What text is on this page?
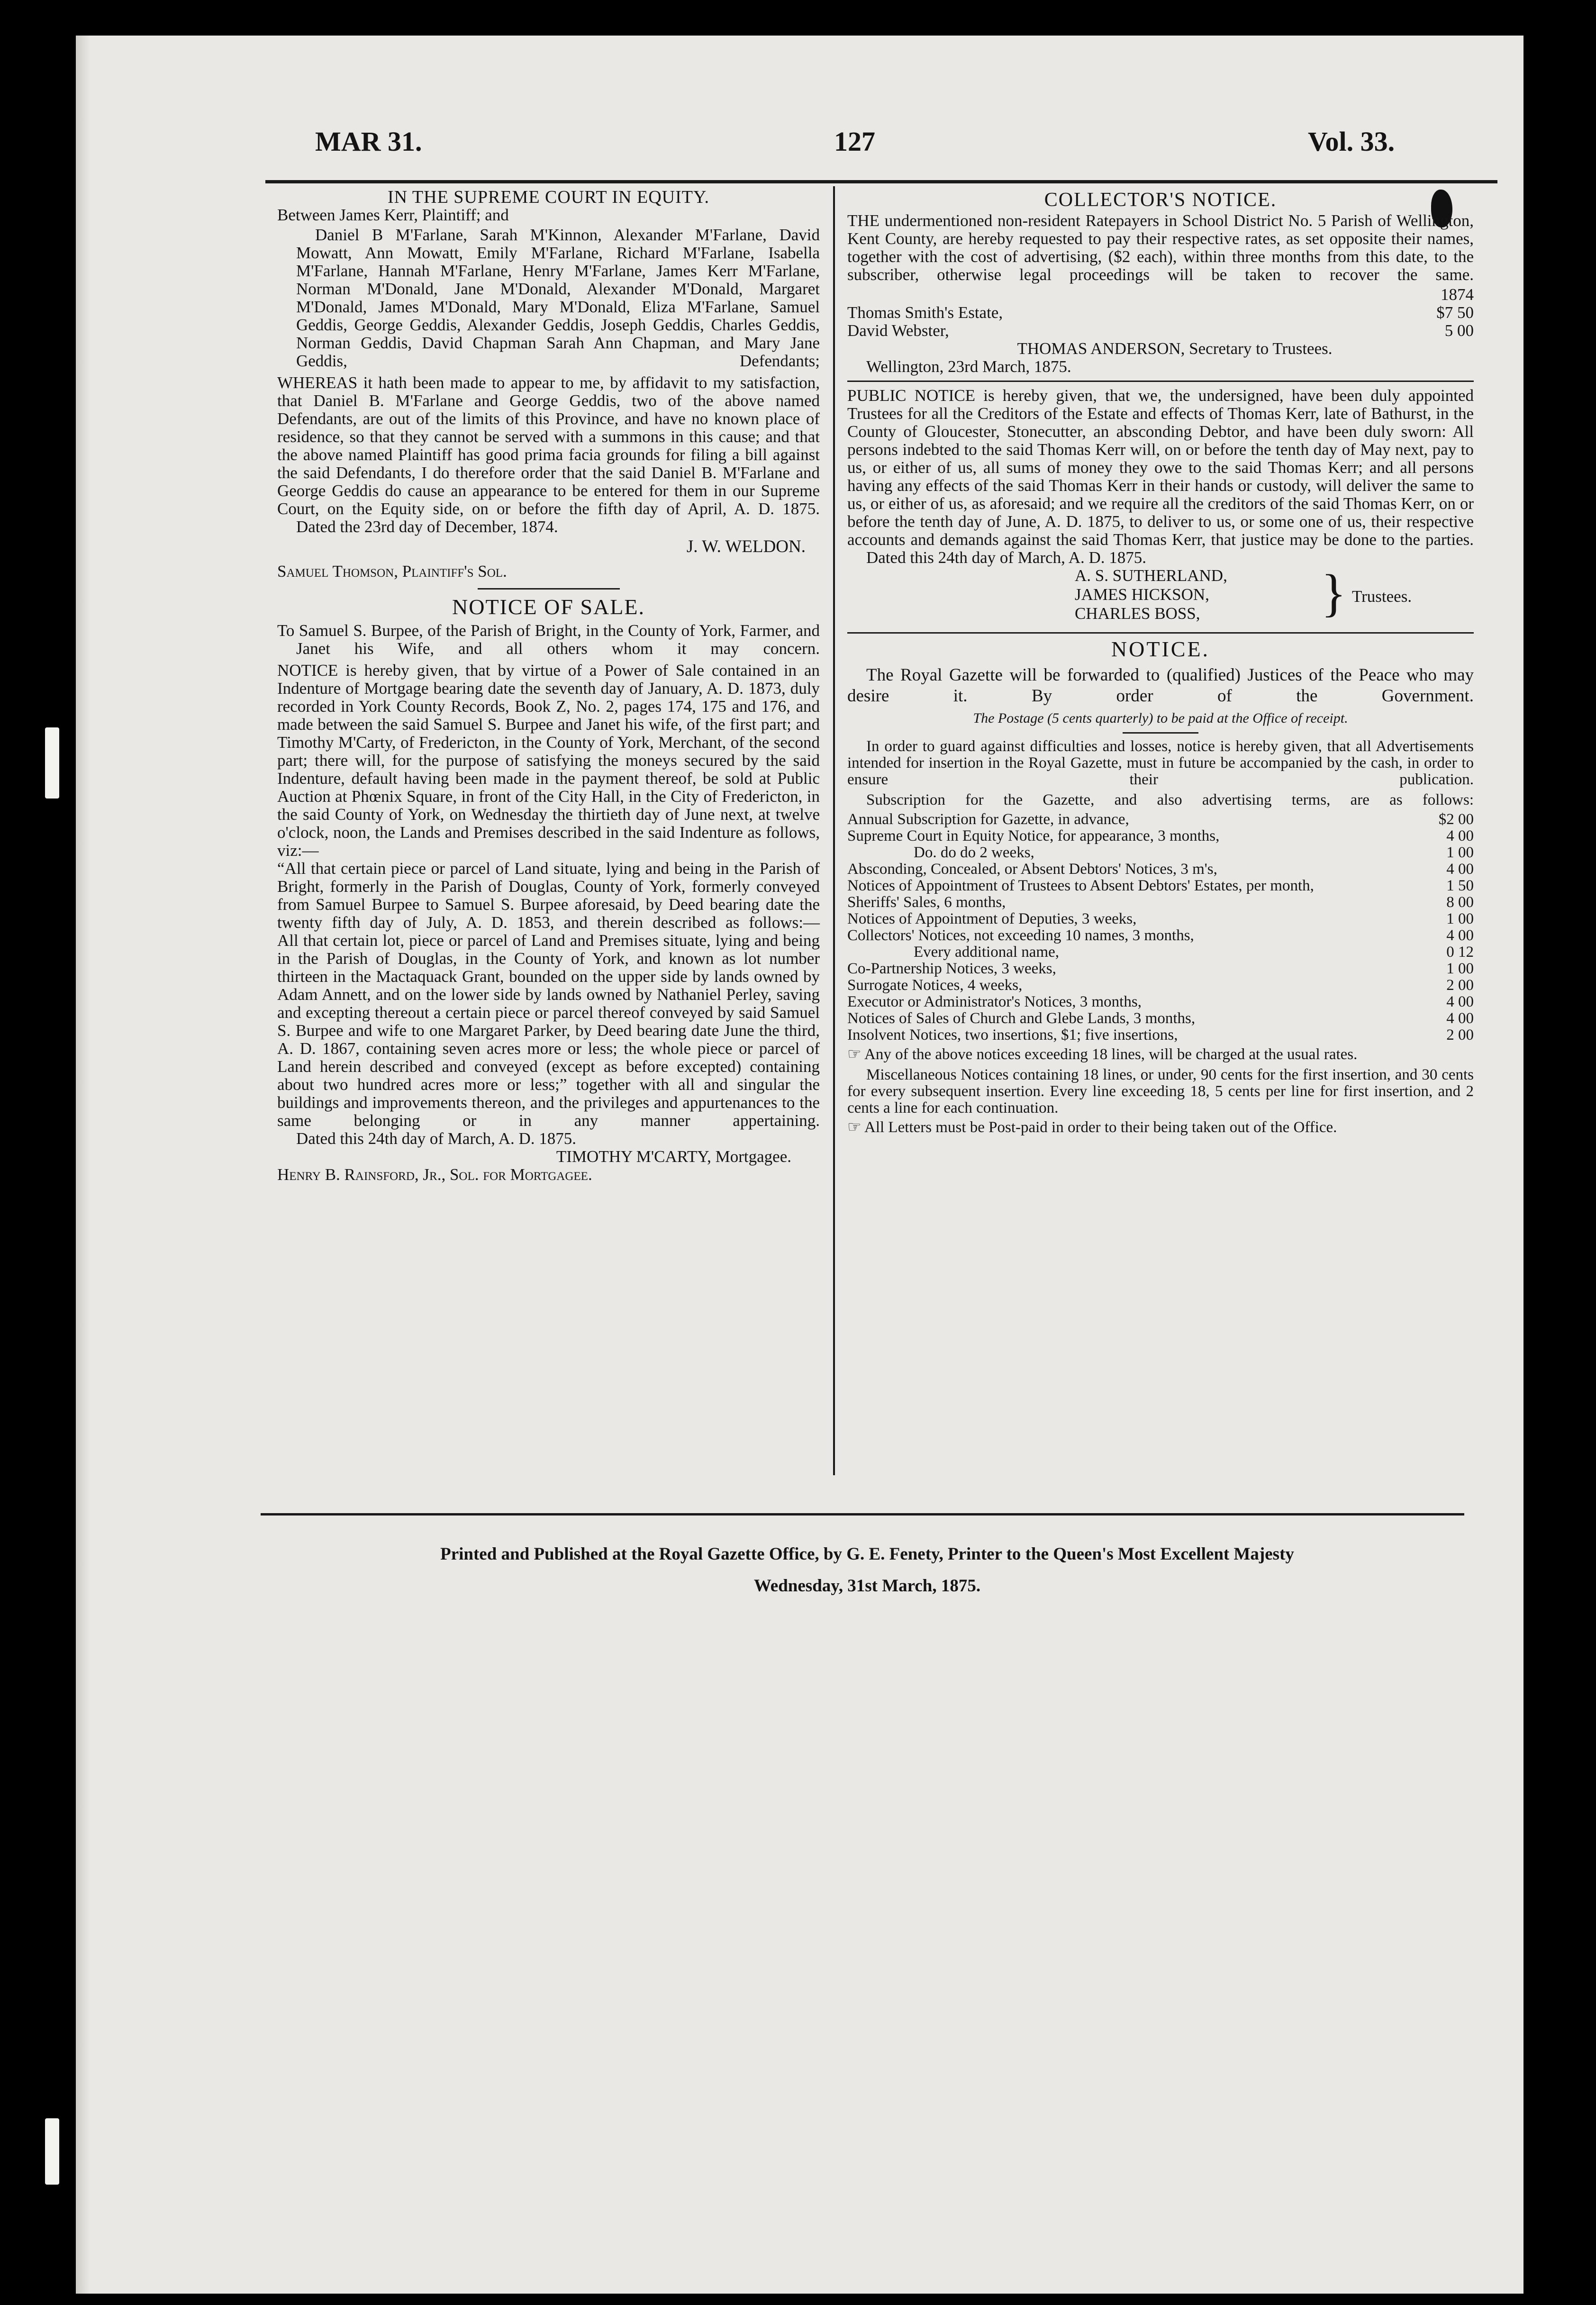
MAR 31.	127	Vol. 33.
IN THE SUPREME COURT IN EQUITY.

Between James Kerr, Plaintiff; and

Daniel B M'Farlane, Sarah M'Kinnon, Alexander M'Farlane, David Mowatt, Ann Mowatt, Emily M'Farlane, Richard M'Farlane, Isabella M'Farlane, Hannah M'Farlane, Henry M'Farlane, James Kerr M'Farlane, Norman M'Donald, Jane M'Donald, Alexander M'Donald, Margaret M'Donald, James M'Donald, Mary M'Donald, Eliza M'Farlane, Samuel Geddis, George Geddis, Alexander Geddis, Joseph Geddis, Charles Geddis, Norman Geddis, David Chapman Sarah Ann Chapman, and Mary Jane Geddis, Defendants;

WHEREAS it hath been made to appear to me, by affidavit to my satisfaction, that Daniel B. M'Farlane and George Geddis, two of the above named Defendants, are out of the limits of this Province, and have no known place of residence, so that they cannot be served with a summons in this cause; and that the above named Plaintiff has good prima facia grounds for filing a bill against the said Defendants, I do therefore order that the said Daniel B. M'Farlane and George Geddis do cause an appearance to be entered for them in our Supreme Court, on the Equity side, on or before the fifth day of April, A. D. 1875.

Dated the 23rd day of December, 1874.

J. W. WELDON.

Samuel Thomson, Plaintiff's Sol.

NOTICE OF SALE.

To Samuel S. Burpee, of the Parish of Bright, in the County of York, Farmer, and Janet his Wife, and all others whom it may concern.

NOTICE is hereby given, that by virtue of a Power of Sale contained in an Indenture of Mortgage bearing date the seventh day of January, A. D. 1873, duly recorded in York County Records, Book Z, No. 2, pages 174, 175 and 176, and made between the said Samuel S. Burpee and Janet his wife, of the first part; and Timothy M'Carty, of Fredericton, in the County of York, Merchant, of the second part; there will, for the purpose of satisfying the moneys secured by the said Indenture, default having been made in the payment thereof, be sold at Public Auction at Phœnix Square, in front of the City Hall, in the City of Fredericton, in the said County of York, on Wednesday the thirtieth day of June next, at twelve o'clock, noon, the Lands and Premises described in the said Indenture as follows, viz:—

“All that certain piece or parcel of Land situate, lying and being in the Parish of Bright, formerly in the Parish of Douglas, County of York, formerly conveyed from Samuel Burpee to Samuel S. Burpee aforesaid, by Deed bearing date the twenty fifth day of July, A. D. 1853, and therein described as follows:—

All that certain lot, piece or parcel of Land and Premises situate, lying and being in the Parish of Douglas, in the County of York, and known as lot number thirteen in the Mactaquack Grant, bounded on the upper side by lands owned by Adam Annett, and on the lower side by lands owned by Nathaniel Perley, saving and excepting thereout a certain piece or parcel thereof conveyed by said Samuel S. Burpee and wife to one Margaret Parker, by Deed bearing date June the third, A. D. 1867, containing seven acres more or less; the whole piece or parcel of Land herein described and conveyed (except as before excepted) containing about two hundred acres more or less;” together with all and singular the buildings and improvements thereon, and the privileges and appurtenances to the same belonging or in any manner appertaining.

Dated this 24th day of March, A. D. 1875.

TIMOTHY M'CARTY, Mortgagee.

Henry B. Rainsford, Jr., Sol. for Mortgagee.

COLLECTOR'S NOTICE.

THE undermentioned non-resident Ratepayers in School District No. 5 Parish of Wellington, Kent County, are hereby requested to pay their respective rates, as set opposite their names, together with the cost of advertising, ($2 each), within three months from this date, to the subscriber, otherwise legal proceedings will be taken to recover the same.

1874

Thomas Smith's Estate,	$7 50
David Webster,	5 00

THOMAS ANDERSON, Secretary to Trustees.

Wellington, 23rd March, 1875.

PUBLIC NOTICE is hereby given, that we, the undersigned, have been duly appointed Trustees for all the Creditors of the Estate and effects of Thomas Kerr, late of Bathurst, in the County of Gloucester, Stonecutter, an absconding Debtor, and have been duly sworn: All persons indebted to the said Thomas Kerr will, on or before the tenth day of May next, pay to us, or either of us, all sums of money they owe to the said Thomas Kerr; and all persons having any effects of the said Thomas Kerr in their hands or custody, will deliver the same to us, or either of us, as aforesaid; and we require all the creditors of the said Thomas Kerr, on or before the tenth day of June, A. D. 1875, to deliver to us, or some one of us, their respective accounts and demands against the said Thomas Kerr, that justice may be done to the parties.

Dated this 24th day of March, A. D. 1875.

A. S. SUTHERLAND,
JAMES HICKSON,
CHARLES BOSS, } Trustees.
NOTICE.

The Royal Gazette will be forwarded to (qualified) Justices of the Peace who may desire it. By order of the Government.

The Postage (5 cents quarterly) to be paid at the Office of receipt.

In order to guard against difficulties and losses, notice is hereby given, that all Advertisements intended for insertion in the Royal Gazette, must in future be accompanied by the cash, in order to ensure their publication.

Subscription for the Gazette, and also advertising terms, are as follows:

Annual Subscription for Gazette, in advance,	$2 00
Supreme Court in Equity Notice, for appearance, 3 months,	4 00
Do. do do 2 weeks,	1 00
Absconding, Concealed, or Absent Debtors' Notices, 3 m's,	4 00
Notices of Appointment of Trustees to Absent Debtors' Estates, per month,	1 50
Sheriffs' Sales, 6 months,	8 00
Notices of Appointment of Deputies, 3 weeks,	1 00
Collectors' Notices, not exceeding 10 names, 3 months,	4 00
Every additional name,	0 12
Co-Partnership Notices, 3 weeks,	1 00
Surrogate Notices, 4 weeks,	2 00
Executor or Administrator's Notices, 3 months,	4 00
Notices of Sales of Church and Glebe Lands, 3 months,	4 00
Insolvent Notices, two insertions, $1; five insertions,	2 00

☞ Any of the above notices exceeding 18 lines, will be charged at the usual rates.

Miscellaneous Notices containing 18 lines, or under, 90 cents for the first insertion, and 30 cents for every subsequent insertion. Every line exceeding 18, 5 cents per line for first insertion, and 2 cents a line for each continuation.

☞ All Letters must be Post-paid in order to their being taken out of the Office.

Printed and Published at the Royal Gazette Office, by G. E. Fenety, Printer to the Queen's Most Excellent Majesty
Wednesday, 31st March, 1875.
